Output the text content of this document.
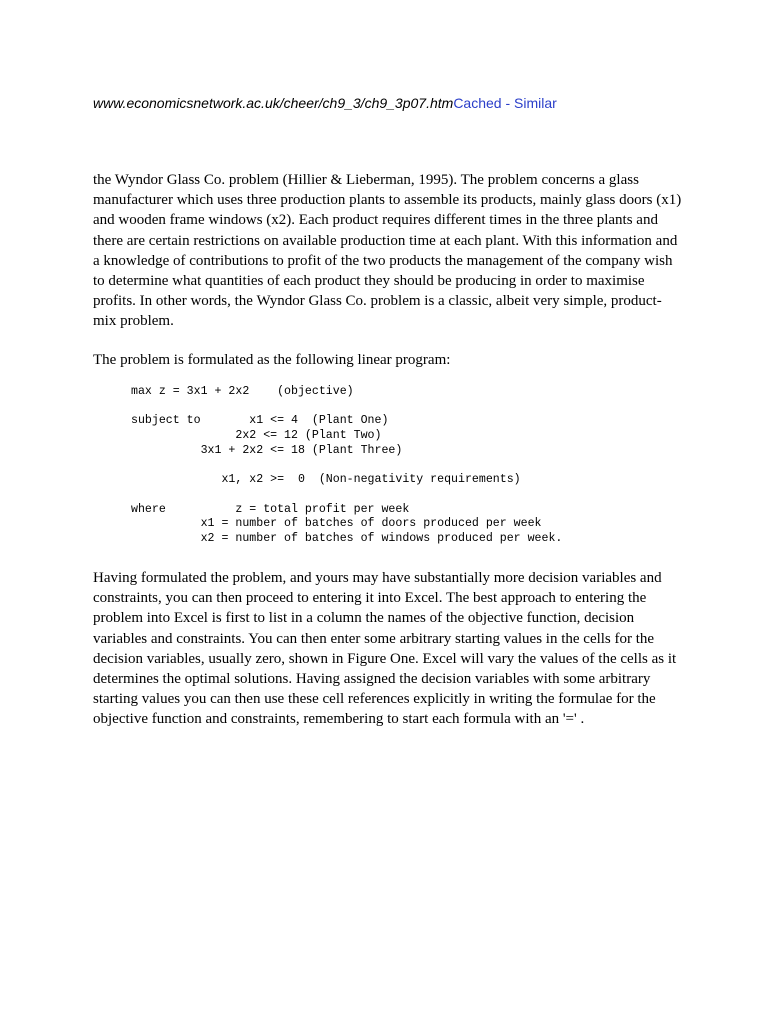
www.economicsnetwork.ac.uk/cheer/ch9_3/ch9_3p07.htmCached - Similar

the Wyndor Glass Co. problem (Hillier & Lieberman, 1995). The problem concerns a glass manufacturer which uses three production plants to assemble its products, mainly glass doors (x1) and wooden frame windows (x2). Each product requires different times in the three plants and there are certain restrictions on available production time at each plant. With this information and a knowledge of contributions to profit of the two products the management of the company wish to determine what quantities of each product they should be producing in order to maximise profits. In other words, the Wyndor Glass Co. problem is a classic, albeit very simple, product-mix problem.

The problem is formulated as the following linear program:

max z = 3x1 + 2x2    (objective)

subject to       x1 <= 4  (Plant One)
2x2 <= 12 (Plant Two)
3x1 + 2x2 <= 18 (Plant Three)

x1, x2 >=  0  (Non-negativity requirements)

where          z = total profit per week
x1 = number of batches of doors produced per week
x2 = number of batches of windows produced per week.

Having formulated the problem, and yours may have substantially more decision variables and constraints, you can then proceed to entering it into Excel. The best approach to entering the problem into Excel is first to list in a column the names of the objective function, decision variables and constraints. You can then enter some arbitrary starting values in the cells for the decision variables, usually zero, shown in Figure One. Excel will vary the values of the cells as it determines the optimal solutions. Having assigned the decision variables with some arbitrary starting values you can then use these cell references explicitly in writing the formulae for the objective function and constraints, remembering to start each formula with an '=' .
